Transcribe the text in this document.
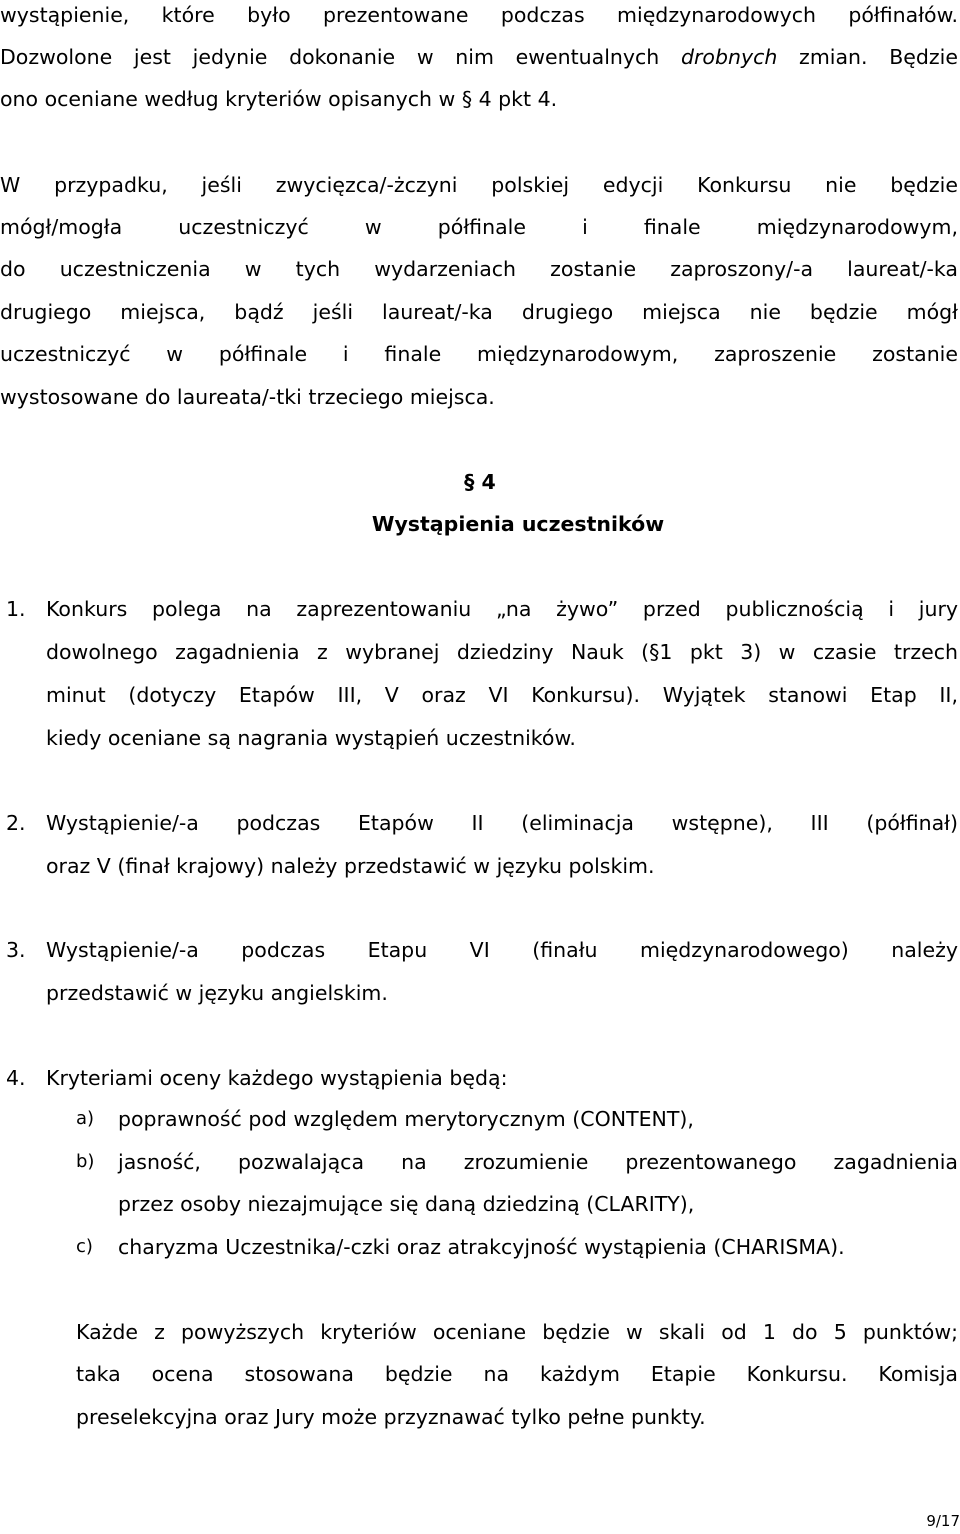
wystąpienie, które było prezentowane podczas międzynarodowych półfinałów.
Dozwolone jest jedynie dokonanie w nim ewentualnych drobnych zmian. Będzie
ono oceniane według kryteriów opisanych w § 4 pkt 4.
W przypadku, jeśli zwycięzca/-żczyni polskiej edycji Konkursu nie będzie
mógł/mogła uczestniczyć w półfinale i finale międzynarodowym,
do uczestniczenia w tych wydarzeniach zostanie zaproszony/-a laureat/-ka
drugiego miejsca, bądź jeśli laureat/-ka drugiego miejsca nie będzie mógł
uczestniczyć w półfinale i finale międzynarodowym, zaproszenie zostanie
wystosowane do laureata/-tki trzeciego miejsca.
§ 4
Wystąpienia uczestników
1. Konkurs polega na zaprezentowaniu „na żywo” przed publicznością i jury
dowolnego zagadnienia z wybranej dziedziny Nauk (§1 pkt 3) w czasie trzech
minut (dotyczy Etapów III, V oraz VI Konkursu). Wyjątek stanowi Etap II,
kiedy oceniane są nagrania wystąpień uczestników.
2. Wystąpienie/-a podczas Etapów II (eliminacja wstępne), III (półfinał)
oraz V (finał krajowy) należy przedstawić w języku polskim.
3. Wystąpienie/-a podczas Etapu VI (finału międzynarodowego) należy
przedstawić w języku angielskim.
4. Kryteriami oceny każdego wystąpienia będą:
a) poprawność pod względem merytorycznym (CONTENT),
b) jasność, pozwalająca na zrozumienie prezentowanego zagadnienia
przez osoby niezajmujące się daną dziedziną (CLARITY),
c) charyzma Uczestnika/-czki oraz atrakcyjność wystąpienia (CHARISMA).
Każde z powyższych kryteriów oceniane będzie w skali od 1 do 5 punktów;
taka ocena stosowana będzie na każdym Etapie Konkursu. Komisja
preselekcyjna oraz Jury może przyznawać tylko pełne punkty.
9/17
